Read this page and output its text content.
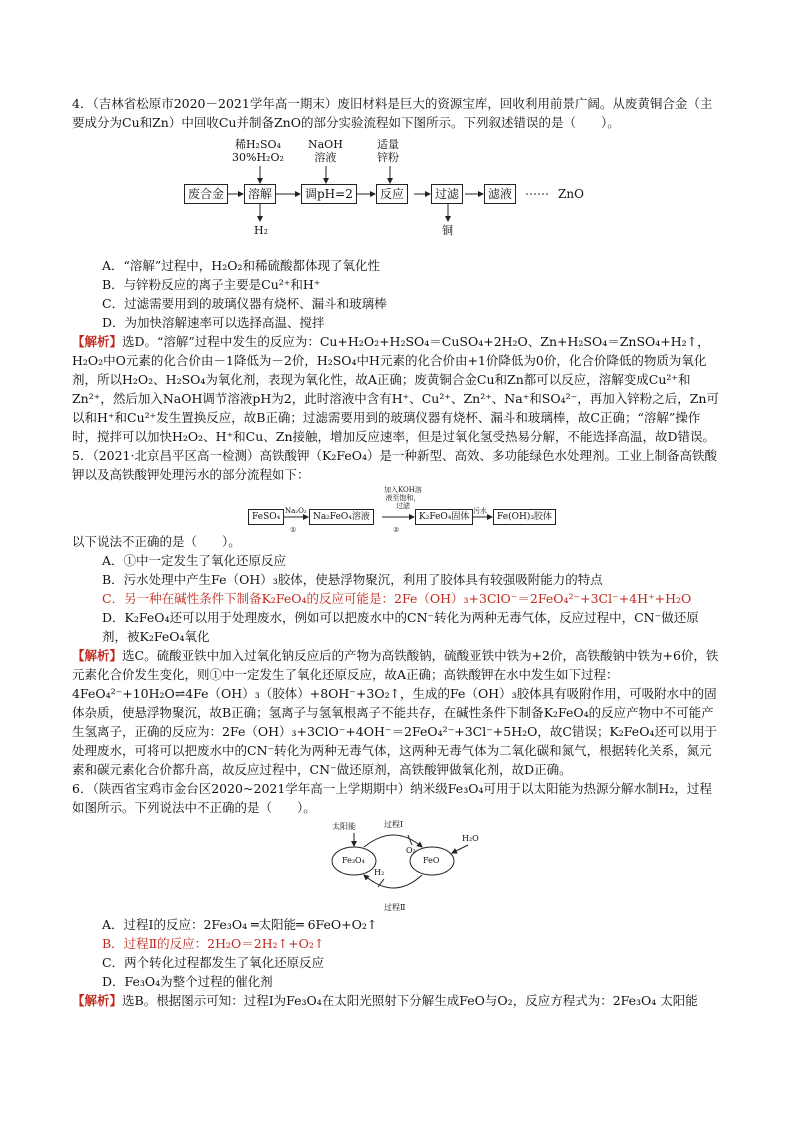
4．（吉林省松原市2020－2021学年高一期末）废旧材料是巨大的资源宝库，回收利用前景广阔。从废黄铜合金（主要成分为Cu和Zn）中回收Cu并制备ZnO的部分实验流程如下图所示。下列叙述错误的是（　　）。

废合金	溶解	调pH=2	反应	过滤	滤液	ZnO
稀H₂SO₄
30%H₂O₂
NaOH
溶液
适量
锌粉
H₂	铜

A．“溶解”过程中，H₂O₂和稀硫酸都体现了氧化性

B．与锌粉反应的离子主要是Cu²⁺和H⁺

C．过滤需要用到的玻璃仪器有烧杯、漏斗和玻璃棒

D．为加快溶解速率可以选择高温、搅拌

【解析】选D。“溶解”过程中发生的反应为：Cu+H₂O₂+H₂SO₄＝CuSO₄+2H₂O、Zn+H₂SO₄＝ZnSO₄+H₂↑，H₂O₂中O元素的化合价由－1降低为－2价，H₂SO₄中H元素的化合价由+1价降低为0价，化合价降低的物质为氧化剂，所以H₂O₂、H₂SO₄为氧化剂，表现为氧化性，故A正确；废黄铜合金Cu和Zn都可以反应，溶解变成Cu²⁺和Zn²⁺，然后加入NaOH调节溶液pH为2，此时溶液中含有H⁺、Cu²⁺、Zn²⁺、Na⁺和SO₄²⁻，再加入锌粉之后，Zn可以和H⁺和Cu²⁺发生置换反应，故B正确；过滤需要用到的玻璃仪器有烧杯、漏斗和玻璃棒，故C正确；“溶解”操作时，搅拌可以加快H₂O₂、H⁺和Cu、Zn接触，增加反应速率，但是过氧化氢受热易分解，不能选择高温，故D错误。

5．（2021·北京昌平区高一检测）高铁酸钾（K₂FeO₄）是一种新型、高效、多功能绿色水处理剂。工业上制备高铁酸钾以及高铁酸钾处理污水的部分流程如下：

FeSO₄	Na₂FeO₄溶液	K₂FeO₄固体	Fe(OH)₃胶体
Na₂O₂
①
加入KOH溶
液至饱和，
过滤
②
污水

以下说法不正确的是（　　）。

A．①中一定发生了氧化还原反应

B．污水处理中产生Fe（OH）₃胶体，使悬浮物聚沉，利用了胶体具有较强吸附能力的特点

C．另一种在碱性条件下制备K₂FeO₄的反应可能是：2Fe（OH）₃+3ClO⁻＝2FeO₄²⁻+3Cl⁻+4H⁺+H₂O

D．K₂FeO₄还可以用于处理废水，例如可以把废水中的CN⁻转化为两种无毒气体，反应过程中，CN⁻做还原剂，被K₂FeO₄氧化

【解析】选C。硫酸亚铁中加入过氧化钠反应后的产物为高铁酸钠，硫酸亚铁中铁为+2价，高铁酸钠中铁为+6价，铁元素化合价发生变化，则①中一定发生了氧化还原反应，故A正确；高铁酸钾在水中发生如下过程：4FeO₄²⁻+10H₂O⇌4Fe（OH）₃（胶体）+8OH⁻+3O₂↑，生成的Fe（OH）₃胶体具有吸附作用，可吸附水中的固体杂质，使悬浮物聚沉，故B正确；氢离子与氢氧根离子不能共存，在碱性条件下制备K₂FeO₄的反应产物中不可能产生氢离子，正确的反应为：2Fe（OH）₃+3ClO⁻+4OH⁻＝2FeO₄²⁻+3Cl⁻+5H₂O，故C错误；K₂FeO₄还可以用于处理废水，可将可以把废水中的CN⁻转化为两种无毒气体，这两种无毒气体为二氧化碳和氮气，根据转化关系，氮元素和碳元素化合价都升高，故反应过程中，CN⁻做还原剂，高铁酸钾做氧化剂，故D正确。

6．（陕西省宝鸡市金台区2020~2021学年高一上学期期中）纳米级Fe₃O₄可用于以太阳能为热源分解水制H₂，过程如图所示。下列说法中不正确的是（　　）。

太阳能
Fe₃O₄	FeO
过程Ⅰ
过程Ⅱ
O₂
H₂
H₂O

A．过程Ⅰ的反应：2Fe₃O₄ ═太阳能═ 6FeO+O₂↑

B．过程Ⅱ的反应：2H₂O＝2H₂↑+O₂↑

C．两个转化过程都发生了氧化还原反应

D．Fe₃O₄为整个过程的催化剂

【解析】选B。根据图示可知：过程Ⅰ为Fe₃O₄在太阳光照射下分解生成FeO与O₂，反应方程式为：2Fe₃O₄ 太阳能
